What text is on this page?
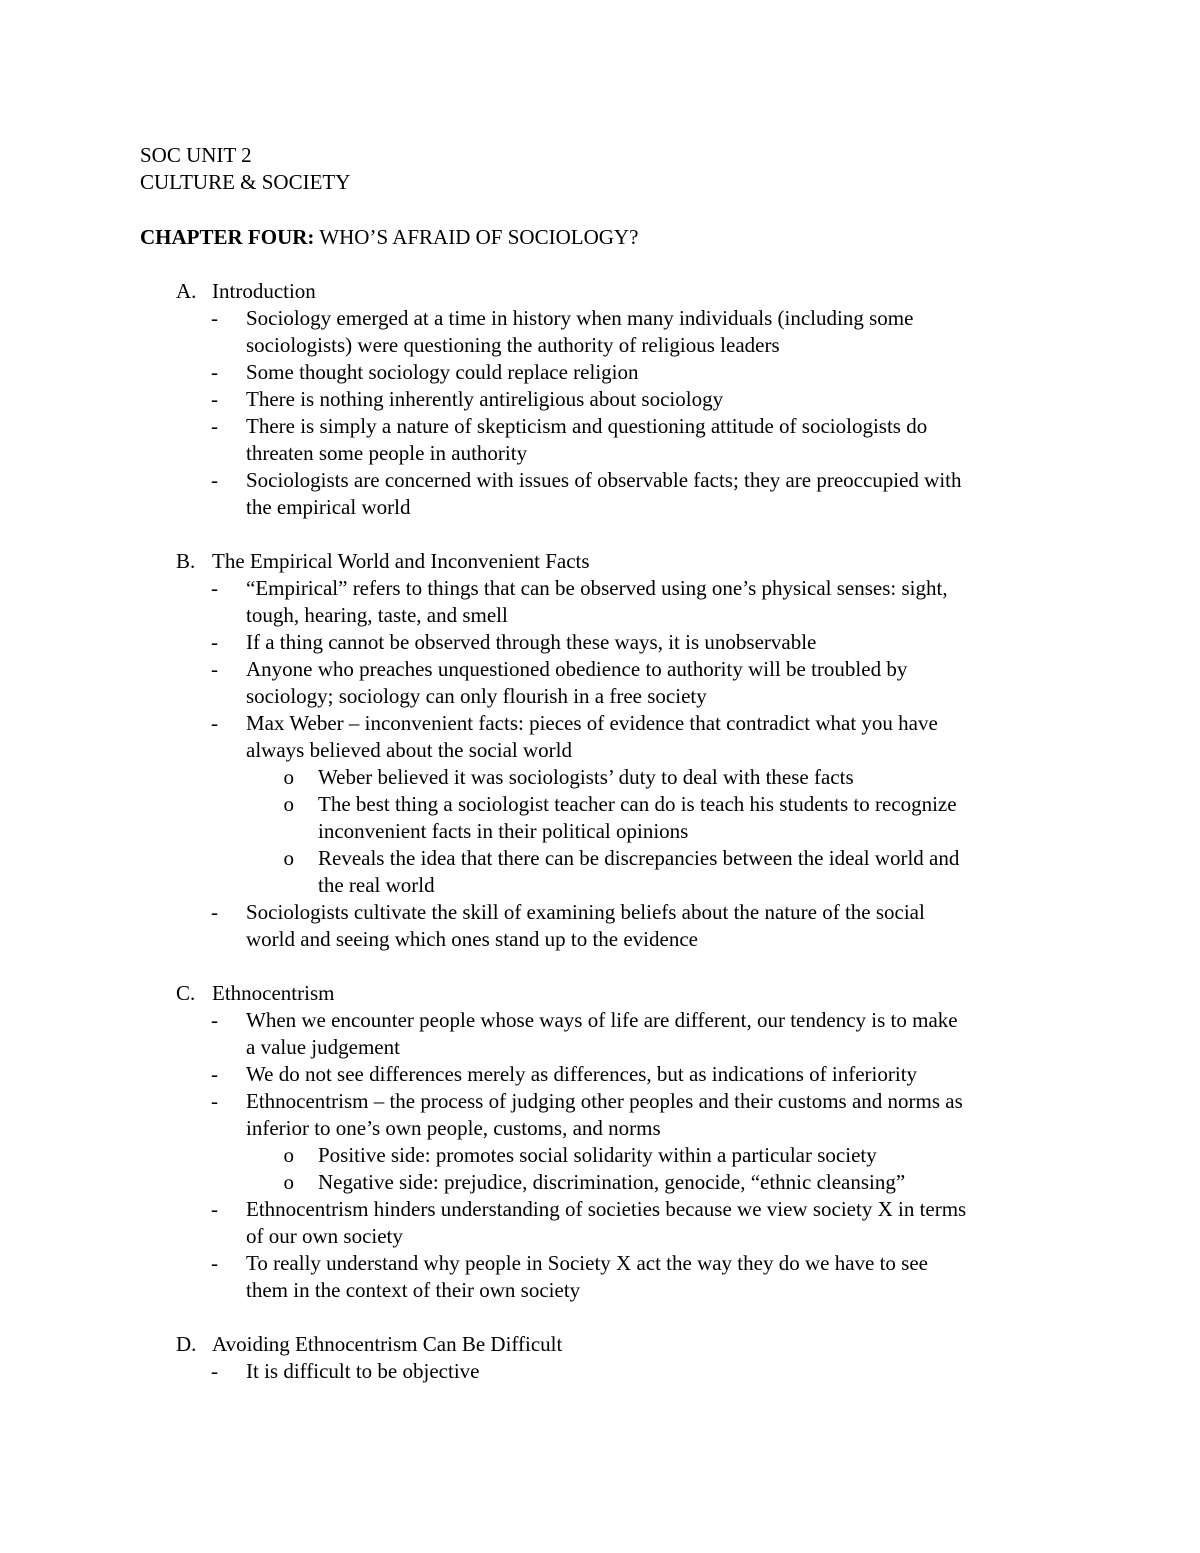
SOC UNIT 2
CULTURE & SOCIETY
CHAPTER FOUR: WHO’S AFRAID OF SOCIOLOGY?
A. Introduction
-	Sociology emerged at a time in history when many individuals (including some
sociologists) were questioning the authority of religious leaders
-	Some thought sociology could replace religion
-	There is nothing inherently antireligious about sociology
-	There is simply a nature of skepticism and questioning attitude of sociologists do
threaten some people in authority
-	Sociologists are concerned with issues of observable facts; they are preoccupied with
the empirical world
B. The Empirical World and Inconvenient Facts
-	“Empirical” refers to things that can be observed using one’s physical senses: sight,
tough, hearing, taste, and smell
-	If a thing cannot be observed through these ways, it is unobservable
-	Anyone who preaches unquestioned obedience to authority will be troubled by
sociology; sociology can only flourish in a free society
-	Max Weber – inconvenient facts: pieces of evidence that contradict what you have
always believed about the social world
o	Weber believed it was sociologists’ duty to deal with these facts
o	The best thing a sociologist teacher can do is teach his students to recognize
inconvenient facts in their political opinions
o	Reveals the idea that there can be discrepancies between the ideal world and
the real world
-	Sociologists cultivate the skill of examining beliefs about the nature of the social
world and seeing which ones stand up to the evidence
C. Ethnocentrism
-	When we encounter people whose ways of life are different, our tendency is to make
a value judgement
-	We do not see differences merely as differences, but as indications of inferiority
-	Ethnocentrism – the process of judging other peoples and their customs and norms as
inferior to one’s own people, customs, and norms
o	Positive side: promotes social solidarity within a particular society
o	Negative side: prejudice, discrimination, genocide, “ethnic cleansing”
-	Ethnocentrism hinders understanding of societies because we view society X in terms
of our own society
-	To really understand why people in Society X act the way they do we have to see
them in the context of their own society
D. Avoiding Ethnocentrism Can Be Difficult
-	It is difficult to be objective
